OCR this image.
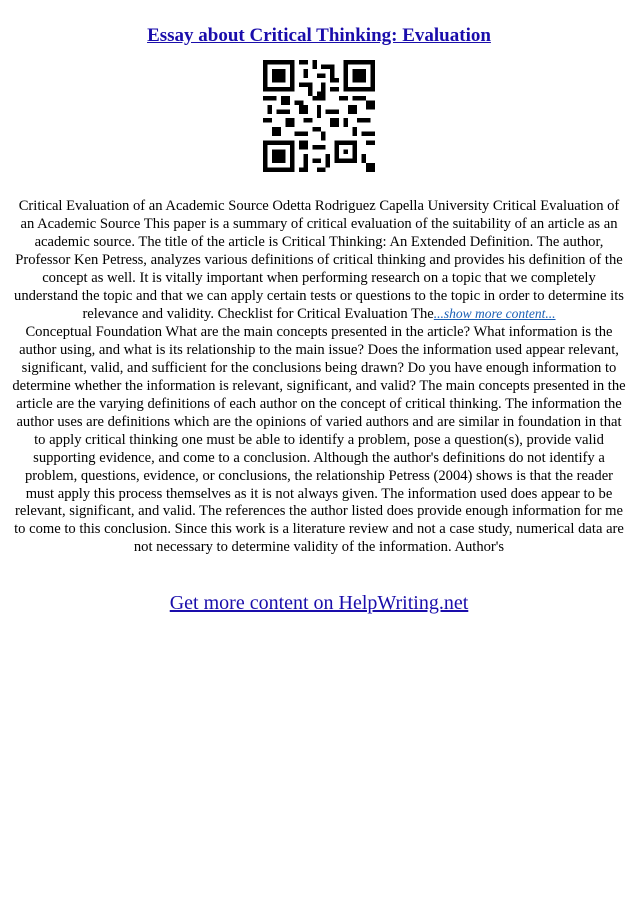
Essay about Critical Thinking: Evaluation

Critical Evaluation of an Academic Source Odetta Rodriguez Capella University Critical Evaluation of an Academic Source This paper is a summary of critical evaluation of the suitability of an article as an academic source. The title of the article is Critical Thinking: An Extended Definition. The author, Professor Ken Petress, analyzes various definitions of critical thinking and provides his definition of the concept as well. It is vitally important when performing research on a topic that we completely understand the topic and that we can apply certain tests or questions to the topic in order to determine its relevance and validity. Checklist for Critical Evaluation The...show more content...

Conceptual Foundation What are the main concepts presented in the article? What information is the author using, and what is its relationship to the main issue? Does the information used appear relevant, significant, valid, and sufficient for the conclusions being drawn? Do you have enough information to determine whether the information is relevant, significant, and valid? The main concepts presented in the article are the varying definitions of each author on the concept of critical thinking. The information the author uses are definitions which are the opinions of varied authors and are similar in foundation in that to apply critical thinking one must be able to identify a problem, pose a question(s), provide valid supporting evidence, and come to a conclusion. Although the author's definitions do not identify a problem, questions, evidence, or conclusions, the relationship Petress (2004) shows is that the reader must apply this process themselves as it is not always given. The information used does appear to be relevant, significant, and valid. The references the author listed does provide enough information for me to come to this conclusion. Since this work is a literature review and not a case study, numerical data are not necessary to determine validity of the information. Author's

Get more content on HelpWriting.net
